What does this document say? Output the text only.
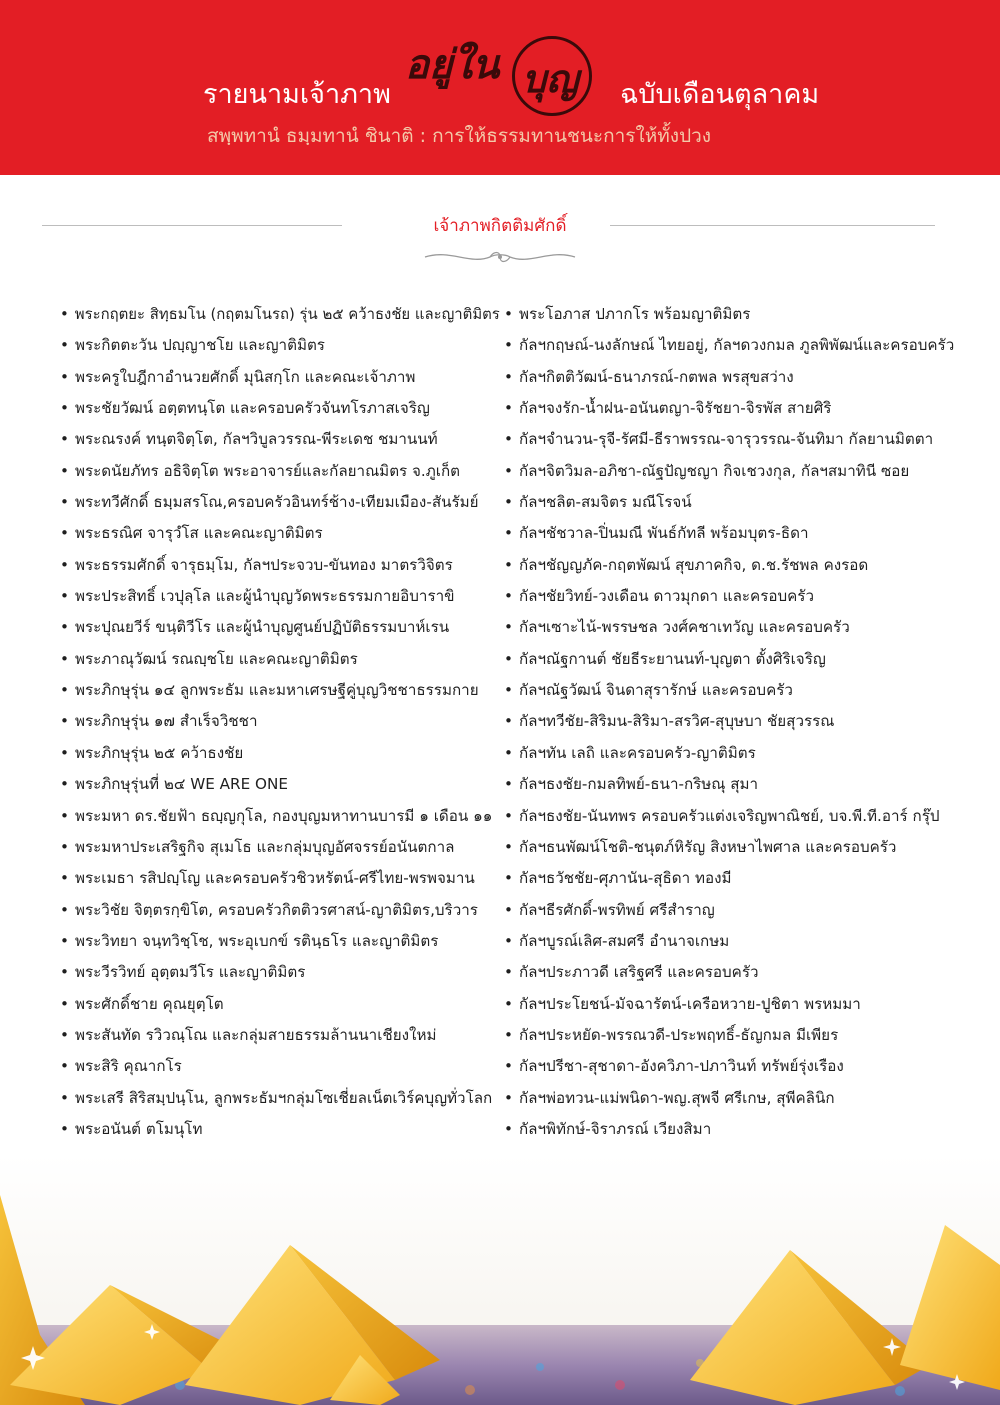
รายนามเจ้าภาพ
อยู่ใน บุญ ฉบับเดือนตุลาคม
สพฺพทานํ ธมฺมทานํ ชินาติ : การให้ธรรมทานชนะการให้ทั้งปวง
เจ้าภาพกิตติมศักดิ์
• พระกฤตยะ สิทฺธมโน (กฤตมโนรถ) รุ่น ๒๕ คว้าธงชัย และญาติมิตร
• พระกิตตะวัน ปญฺญาชโย และญาติมิตร
• พระครูใบฎีกาอำนวยศักดิ์ มุนิสกฺโก และคณะเจ้าภาพ
• พระชัยวัฒน์ อตฺตทนฺโต และครอบครัวจันทโรภาสเจริญ
• พระณรงค์ ทนฺตจิตฺโต, กัลฯวิบูลวรรณ-พีระเดช ชมานนท์
• พระดนัยภัทร อธิจิตฺโต พระอาจารย์และกัลยาณมิตร จ.ภูเก็ต
• พระทวีศักดิ์ ธมฺมสรโณ,ครอบครัวอินทร์ช้าง-เทียมเมือง-สันรัมย์
• พระธรณิศ จารุวํโส และคณะญาติมิตร
• พระธรรมศักดิ์ จารุธมฺโม, กัลฯประจวบ-ขันทอง มาตรวิจิตร
• พระประสิทธิ์ เวปุลฺโล และผู้นำบุญวัดพระธรรมกายอิบาราขิ
• พระปุณยวีร์ ขนฺติวีโร และผู้นำบุญศูนย์ปฏิบัติธรรมบาห์เรน
• พระภาณุวัฒน์ รณญฺชโย และคณะญาติมิตร
• พระภิกษุรุ่น ๑๔ ลูกพระธัม และมหาเศรษฐีคู่บุญวิชชาธรรมกาย
• พระภิกษุรุ่น ๑๗ สำเร็จวิชชา
• พระภิกษุรุ่น ๒๕ คว้าธงชัย
• พระภิกษุรุ่นที่ ๒๔ WE ARE ONE
• พระมหา ดร.ชัยฟ้า ธญฺญกุโล, กองบุญมหาทานบารมี ๑ เดือน ๑๑
• พระมหาประเสริฐกิจ สุเมโธ และกลุ่มบุญอัศจรรย์อนันตกาล
• พระเมธา รสิปญฺโญ และครอบครัวชิวหรัตน์-ศรีไทย-พรพจมาน
• พระวิชัย จิตฺตรกฺขิโต, ครอบครัวกิตติวรศาสน์-ญาติมิตร,บริวาร
• พระวิทยา จนฺทวิชฺโช, พระอุเบกข์ รตินฺธโร และญาติมิตร
• พระวีรวิทย์ อุตฺตมวีโร และญาติมิตร
• พระศักดิ์ชาย คุณยุตฺโต
• พระสันทัด รวิวณฺโณ และกลุ่มสายธรรมล้านนาเชียงใหม่
• พระสิริ คุณากโร
• พระเสรี สิริสมฺปนฺโน, ลูกพระธัมฯกลุ่มโซเชี่ยลเน็ตเวิร์คบุญทั่วโลก
• พระอนันต์ ตโมนุโท
• พระโอภาส ปภากโร พร้อมญาติมิตร
• กัลฯกฤษณ์-นงลักษณ์ ไทยอยู่, กัลฯดวงกมล ภูลพิพัฒน์และครอบครัว
• กัลฯกิตติวัฒน์-ธนาภรณ์-กตพล พรสุขสว่าง
• กัลฯจงรัก-น้ำฝน-อนันตญา-จิรัชยา-จิรพัส สายศิริ
• กัลฯจำนวน-รุจี-รัศมี-ธีราพรรณ-จารุวรรณ-จันทิมา กัลยานมิตตา
• กัลฯจิตวิมล-อภิชา-ณัฐปัญชญา กิจเชวงกุล, กัลฯสมาทินี ซอย
• กัลฯชลิต-สมจิตร มณีโรจน์
• กัลฯชัชวาล-ปิ่นมณี พันธ์กัทลี พร้อมบุตร-ธิดา
• กัลฯชัญญภัค-กฤตพัฒน์ สุขภาคกิจ, ด.ช.รัชพล คงรอด
• กัลฯชัยวิทย์-วงเดือน ดาวมุกดา และครอบครัว
• กัลฯเซาะไน้-พรรษชล วงศ์คชาเทวัญ และครอบครัว
• กัลฯณัฐกานต์ ชัยธีระยานนท์-บุญตา ตั้งศิริเจริญ
• กัลฯณัฐวัฒน์ จินดาสุรารักษ์ และครอบครัว
• กัลฯทวีชัย-สิริมน-สิริมา-สรวิศ-สุบุษบา ชัยสุวรรณ
• กัลฯทัน เลถิ และครอบครัว-ญาติมิตร
• กัลฯธงชัย-กมลทิพย์-ธนา-กริษณุ สุมา
• กัลฯธงชัย-นันทพร ครอบครัวแต่งเจริญพาณิชย์, บจ.พี.ที.อาร์ กรุ๊ป
• กัลฯธนพัฒน์โชติ-ชนุตภ์หิรัญ สิงหษาไพศาล และครอบครัว
• กัลฯธวัชชัย-ศุภานัน-สุธิดา ทองมี
• กัลฯธีรศักดิ์-พรทิพย์ ศรีสำราญ
• กัลฯบูรณ์เลิศ-สมศรี อำนาจเกษม
• กัลฯประภาวดี เสริฐศรี และครอบครัว
• กัลฯประโยชน์-มัจฉารัตน์-เครือหวาย-ปูชิตา พรหมมา
• กัลฯประหยัด-พรรณวดี-ประพฤทธิ์-ธัญกมล มีเพียร
• กัลฯปรีชา-สุชาดา-อังควิภา-ปภาวินท์ ทรัพย์รุ่งเรือง
• กัลฯพ่อทวน-แม่พนิดา-พญ.สุพจี ศรีเกษ, สุพีคลินิก
• กัลฯพิทักษ์-จิราภรณ์ เวียงสิมา
